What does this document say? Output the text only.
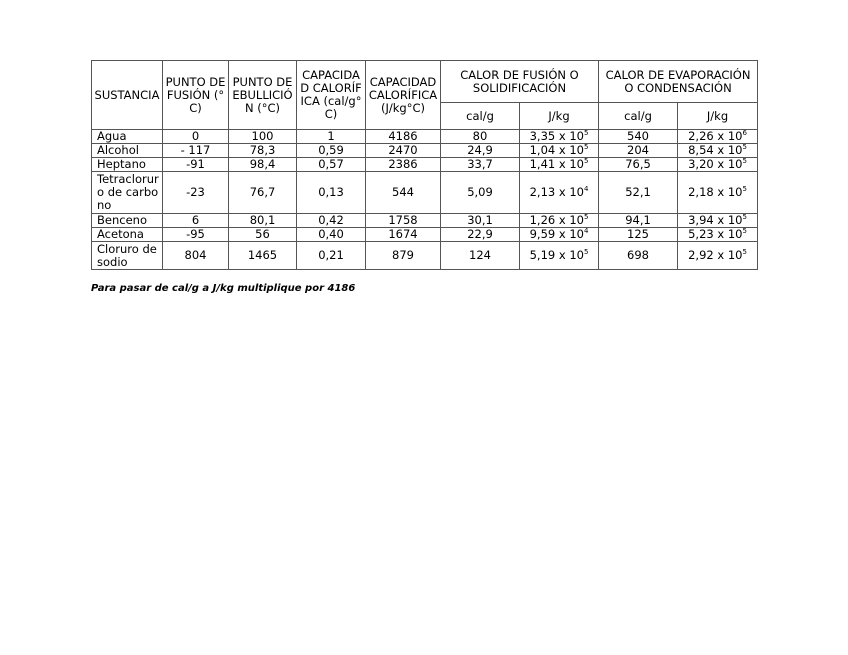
SUSTANCIA	PUNTO DE FUSIÓN (°C)	PUNTO DE EBULLICIÓN (°C)	CAPACIDAD CALORÍFICA (cal/g°C)	CAPACIDAD CALORÍFICA (J/kg°C)	CALOR DE FUSIÓN O SOLIDIFICACIÓN		CALOR DE EVAPORACIÓN O CONDENSACIÓN	
					cal/g	J/kg	cal/g	J/kg
Agua	0	100	1	4186	80	3,35 x $10^5$	540	2,26 x $10^6$
Alcohol	- 117	78,3	0,59	2470	24,9	1,04 x $10^5$	204	8,54 x $10^5$
Heptano	-91	98,4	0,57	2386	33,7	1,41 x $10^5$	76,5	3,20 x $10^5$
Tetracloruro de carbono	-23	76,7	0,13	544	5,09	2,13 x $10^4$	52,1	2,18 x $10^5$
Benceno	6	80,1	0,42	1758	30,1	1,26 x $10^5$	94,1	3,94 x $10^5$
Acetona	-95	56	0,40	1674	22,9	9,59 x $10^4$	125	5,23 x $10^5$
Cloruro de sodio	804	1465	0,21	879	124	5,19 x $10^5$	698	2,92 x $10^5$
Para pasar de cal/g a J/kg multiplique por 4186
